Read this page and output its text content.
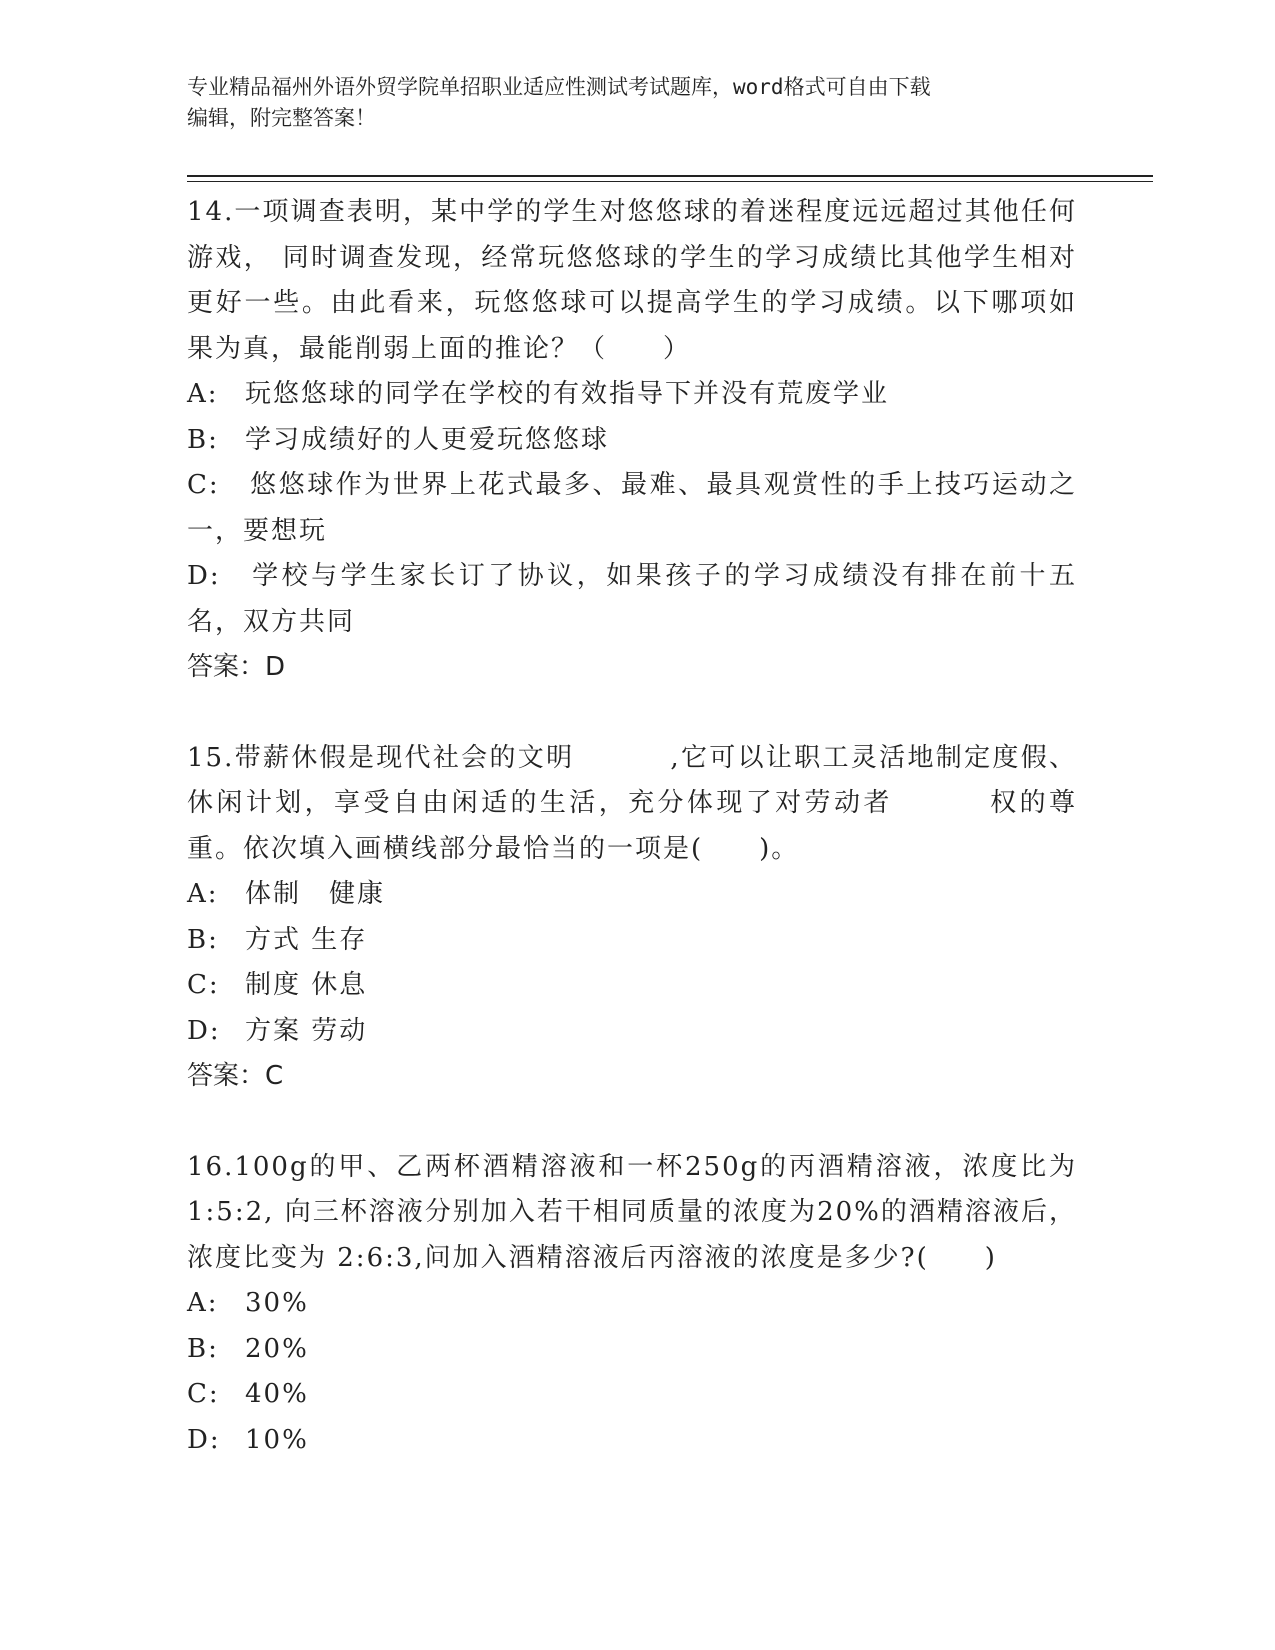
专业精品福州外语外贸学院单招职业适应性测试考试题库，word格式可自由下载
编辑，附完整答案！

14.一项调查表明，某中学的学生对悠悠球的着迷程度远远超过其他任何游戏， 同时调查发现，经常玩悠悠球的学生的学习成绩比其他学生相对更好一些。由此看来，玩悠悠球可以提高学生的学习成绩。以下哪项如果为真，最能削弱上面的推论？（　　）

A:	玩悠悠球的同学在学校的有效指导下并没有荒废学业
B:	学习成绩好的人更爱玩悠悠球
C: 悠悠球作为世界上花式最多、最难、最具观赏性的手上技巧运动之一，要想玩
D: 学校与学生家长订了协议，如果孩子的学习成绩没有排在前十五名，双方共同

答案：D

15.带薪休假是现代社会的文明	,它可以让职工灵活地制定度假、休闲计划，享受自由闲适的生活，充分体现了对劳动者	权的尊重。依次填入画横线部分最恰当的一项是(　　)。

A:	体制　健康
B:	方式 生存
C: 制度 休息
D: 方案 劳动

答案：C

16.100g的甲、乙两杯酒精溶液和一杯250g的丙酒精溶液，浓度比为1:5:2, 向三杯溶液分别加入若干相同质量的浓度为20%的酒精溶液后，浓度比变为 2:6:3,问加入酒精溶液后丙溶液的浓度是多少?(　　)

A:	30%
B:	20%
C: 40%
D: 10%
